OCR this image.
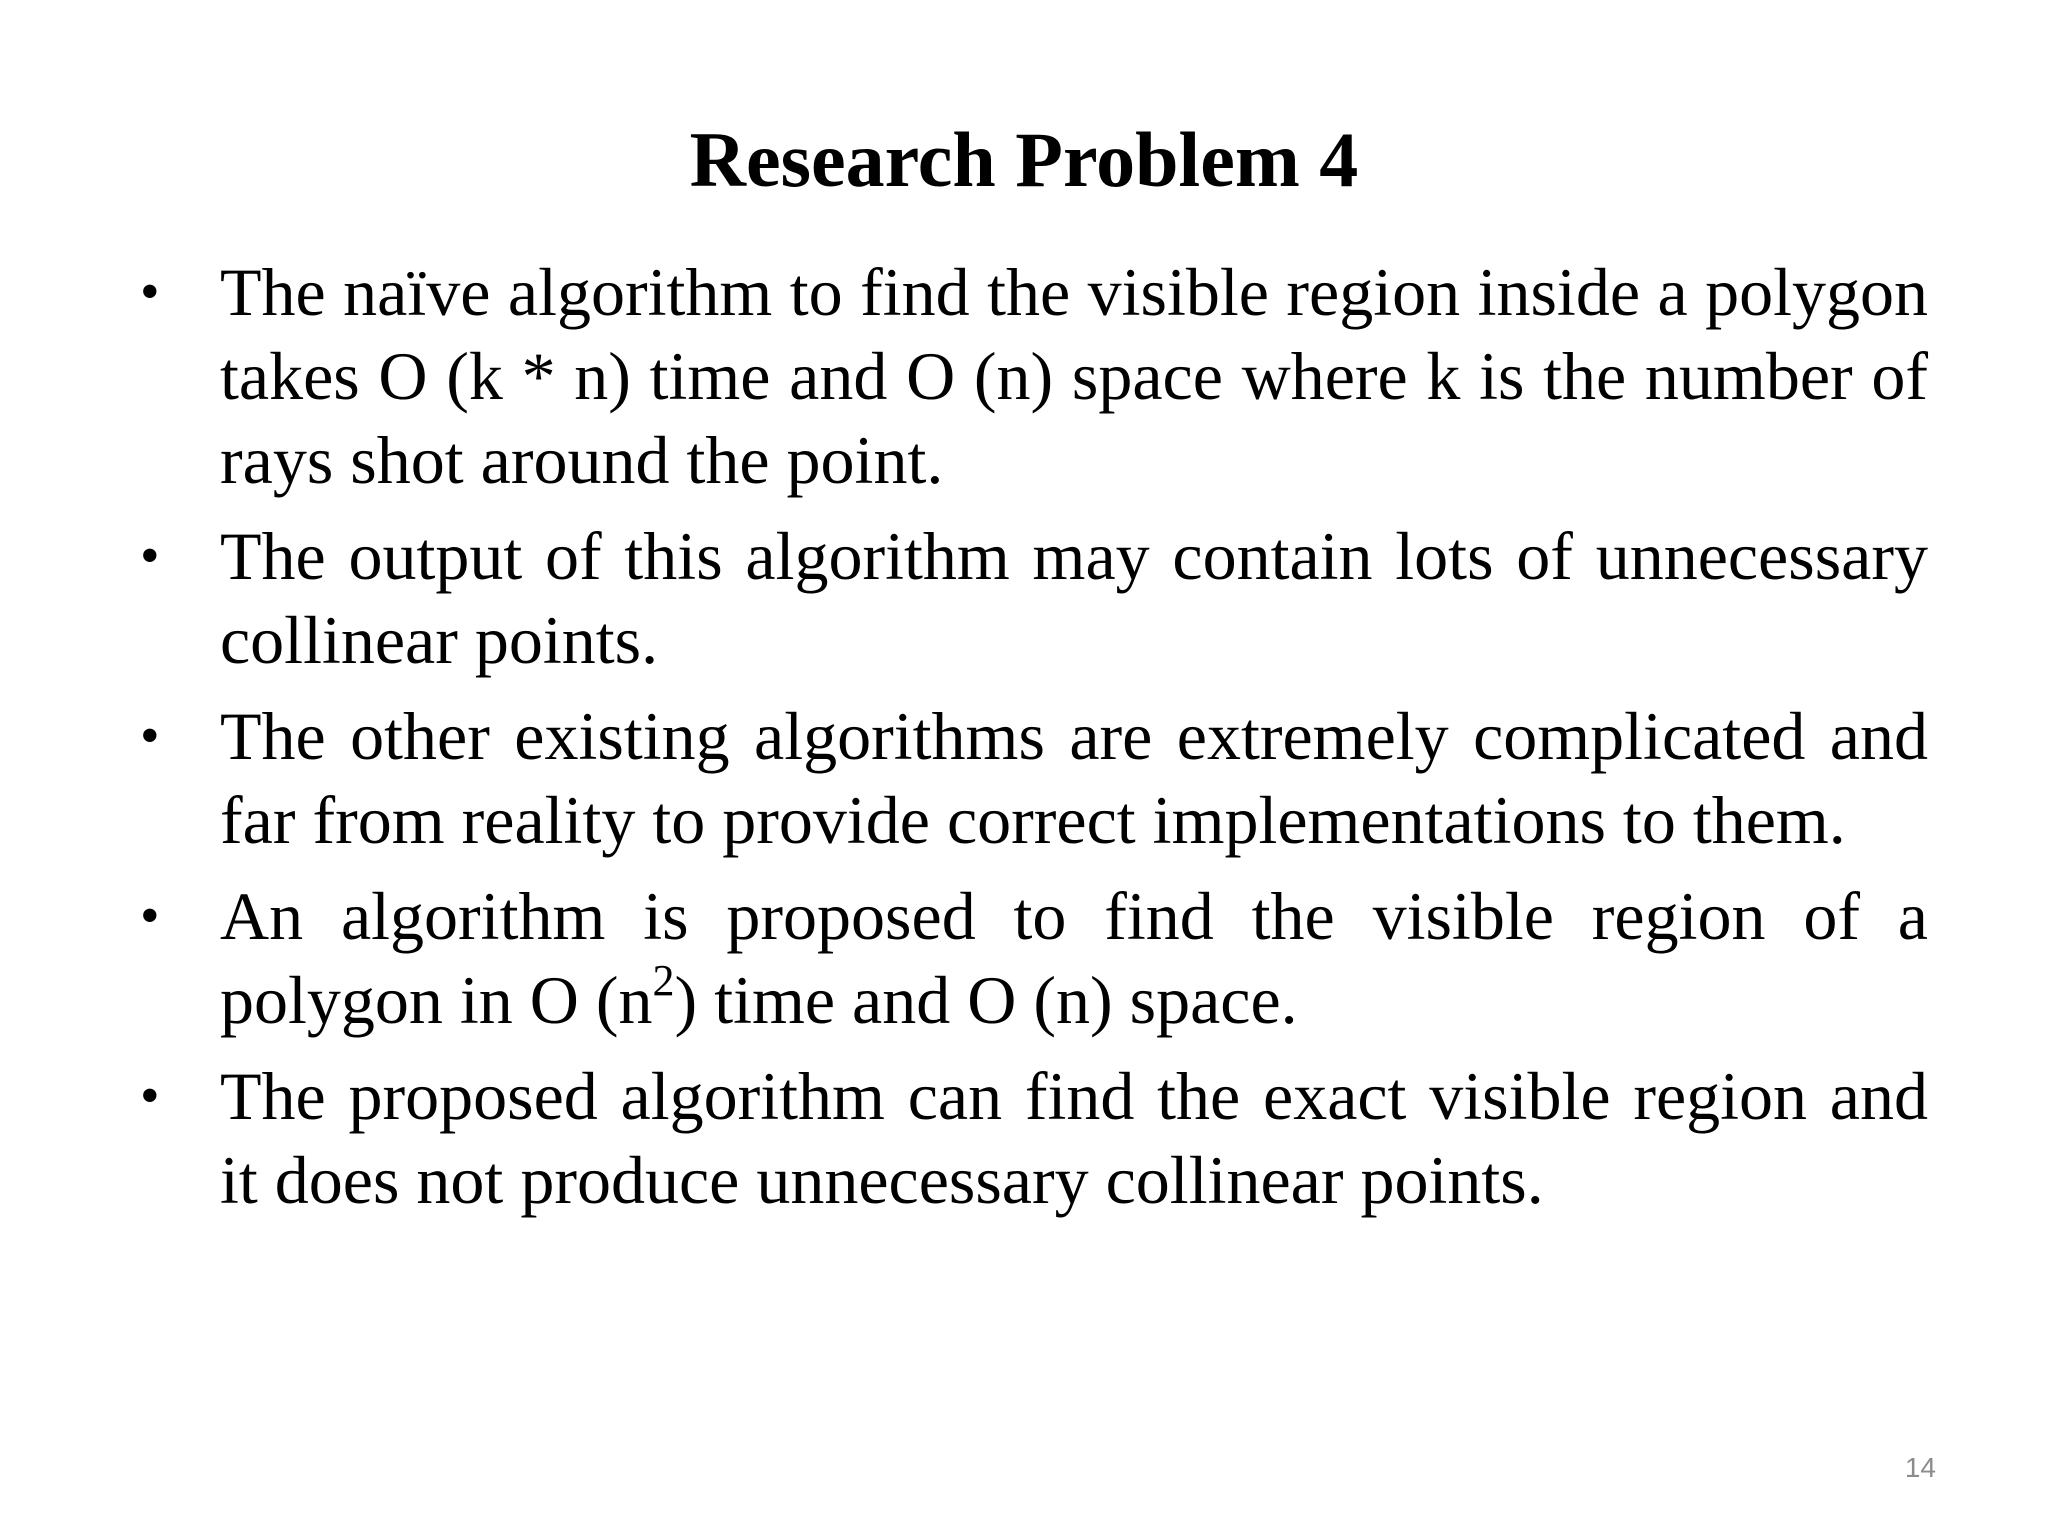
Research Problem 4
• The naïve algorithm to find the visible region inside a polygon takes O (k * n) time and O (n) space where k is the number of rays shot around the point.
• The output of this algorithm may contain lots of unnecessary collinear points.
• The other existing algorithms are extremely complicated and far from reality to provide correct implementations to them.
• An algorithm is proposed to find the visible region of a polygon in O $(n^2)$ time and O (n) space.
• The proposed algorithm can find the exact visible region and it does not produce unnecessary collinear points.
14
